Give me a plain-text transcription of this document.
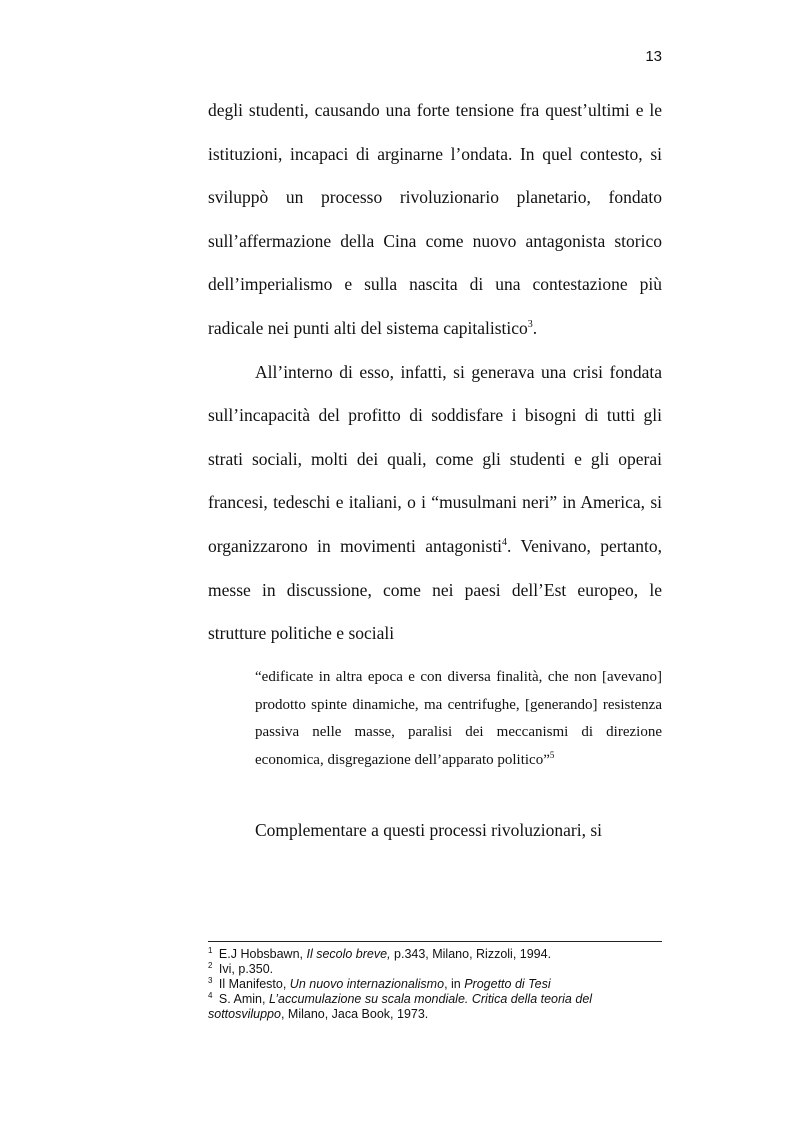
13

degli studenti, causando una forte tensione fra quest’ultimi e le istituzioni, incapaci di arginarne l’ondata. In quel contesto, si sviluppò un processo rivoluzionario planetario, fondato sull’affermazione della Cina come nuovo antagonista storico dell’imperialismo e sulla nascita di una contestazione più radicale nei punti alti del sistema capitalistico$^3$.

All’interno di esso, infatti, si generava una crisi fondata sull’incapacità del profitto di soddisfare i bisogni di tutti gli strati sociali, molti dei quali, come gli studenti e gli operai francesi, tedeschi e italiani, o i “musulmani neri” in America, si organizzarono in movimenti antagonisti$^4$. Venivano, pertanto, messe in discussione, come nei paesi dell’Est europeo, le strutture politiche e sociali

“edificate in altra epoca e con diversa finalità, che non [avevano] prodotto spinte dinamiche, ma centrifughe, [generando] resistenza passiva nelle masse, paralisi dei meccanismi di direzione economica, disgregazione dell’apparato politico”$^5$

Complementare a questi processi rivoluzionari, si

$^1$ E.J Hobsbawn, Il secolo breve, p.343, Milano, Rizzoli, 1994.

$^2$ Ivi, p.350.

$^3$ Il Manifesto, Un nuovo internazionalismo, in Progetto di Tesi

$^4$ S. Amin, L’accumulazione su scala mondiale. Critica della teoria del sottosviluppo, Milano, Jaca Book, 1973.
